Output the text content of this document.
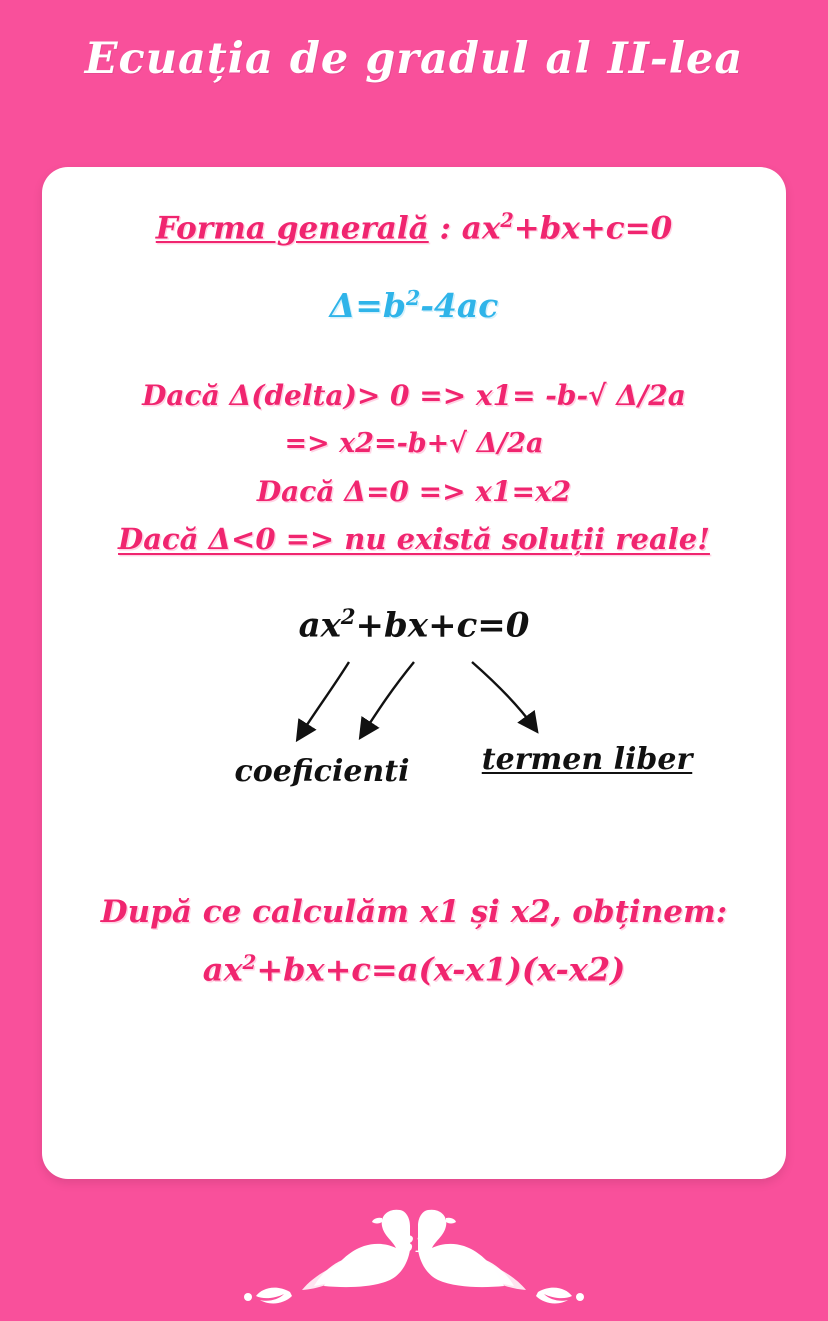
Ecuația de gradul al II-lea
Forma generală : $ax^2+bx+c=0$
$\Delta=b^2-4ac$
Dacă Δ(delta)> 0 => x1= -b-√ Δ/2a
=> x2=-b+√ Δ/2a
Dacă Δ=0 => x1=x2
Dacă Δ<0 => nu există soluții reale!
$ax^2+bx+c=0$
coeficienti	termen liber
După ce calculăm x1 și x2, obținem:
$ax^2+bx+c=a(x-x1)(x-x2)$
31
